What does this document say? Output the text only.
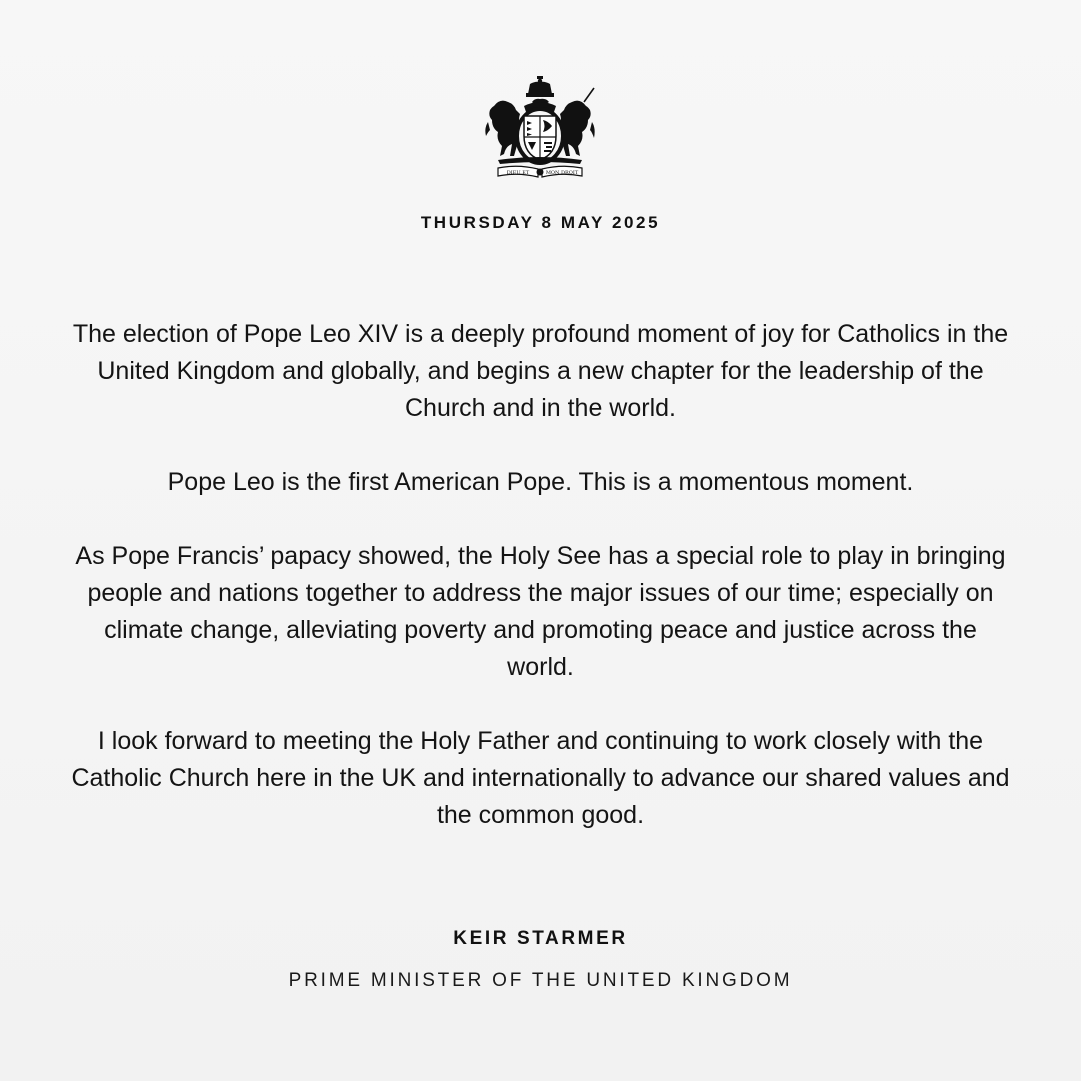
DIEU ET	MON DROIT
THURSDAY 8 MAY 2025

The election of Pope Leo XIV is a deeply profound moment of joy for Catholics in the United Kingdom and globally, and begins a new chapter for the leadership of the Church and in the world.

Pope Leo is the first American Pope. This is a momentous moment.

As Pope Francis’ papacy showed, the Holy See has a special role to play in bringing people and nations together to address the major issues of our time; especially on climate change, alleviating poverty and promoting peace and justice across the world.

I look forward to meeting the Holy Father and continuing to work closely with the Catholic Church here in the UK and internationally to advance our shared values and the common good.

KEIR STARMER
PRIME MINISTER OF THE UNITED KINGDOM
